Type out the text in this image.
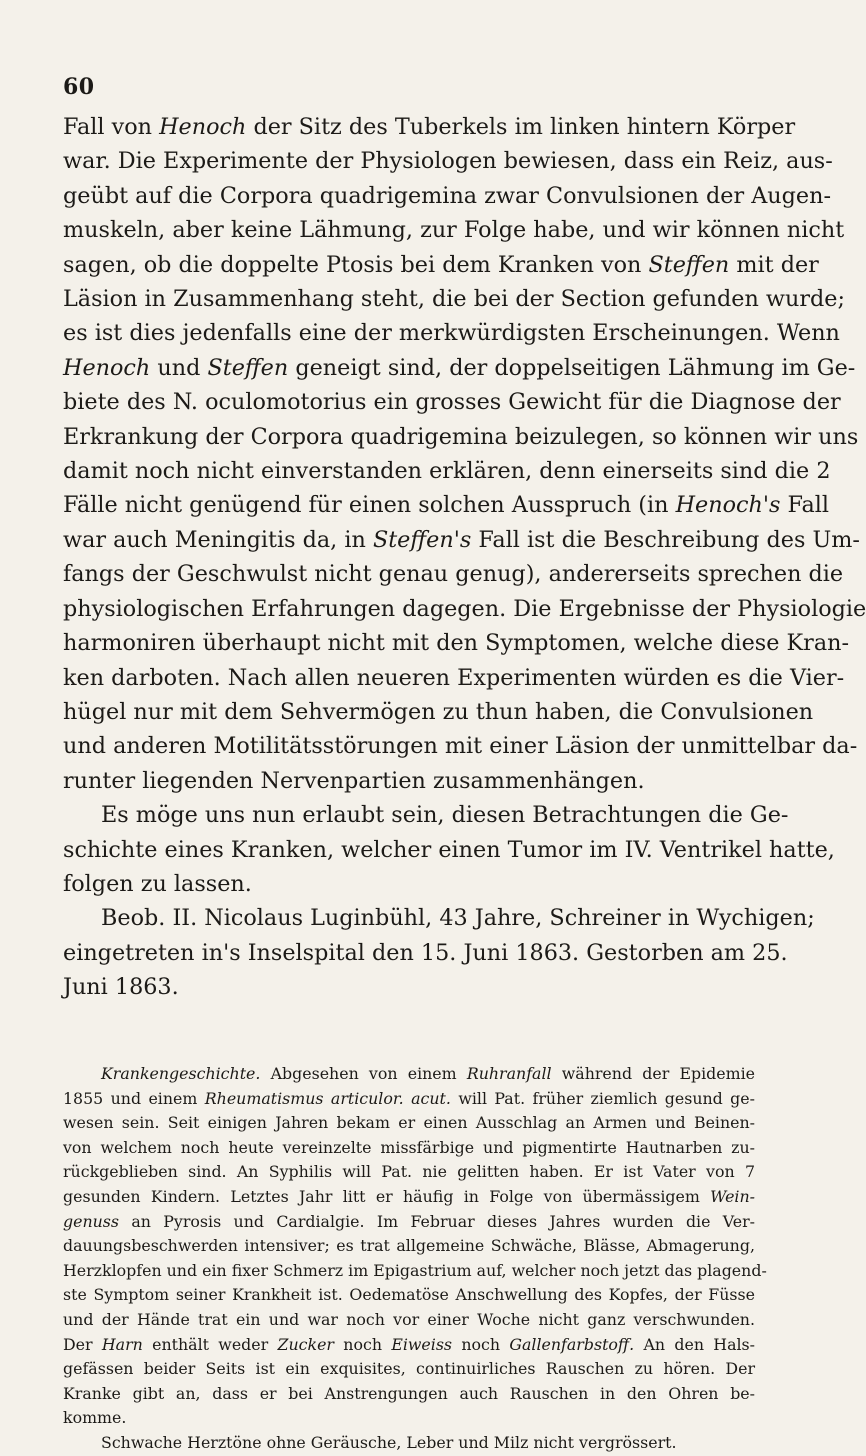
60
Fall von Henoch der Sitz des Tuberkels im linken hintern Körper
war. Die Experimente der Physiologen bewiesen, dass ein Reiz, aus-
geübt auf die Corpora quadrigemina zwar Convulsionen der Augen-
muskeln, aber keine Lähmung, zur Folge habe, und wir können nicht
sagen, ob die doppelte Ptosis bei dem Kranken von Steffen mit der
Läsion in Zusammenhang steht, die bei der Section gefunden wurde;
es ist dies jedenfalls eine der merkwürdigsten Erscheinungen. Wenn
Henoch und Steffen geneigt sind, der doppelseitigen Lähmung im Ge-
biete des N. oculomotorius ein grosses Gewicht für die Diagnose der
Erkrankung der Corpora quadrigemina beizulegen, so können wir uns
damit noch nicht einverstanden erklären, denn einerseits sind die 2
Fälle nicht genügend für einen solchen Ausspruch (in Henoch's Fall
war auch Meningitis da, in Steffen's Fall ist die Beschreibung des Um-
fangs der Geschwulst nicht genau genug), andererseits sprechen die
physiologischen Erfahrungen dagegen. Die Ergebnisse der Physiologie
harmoniren überhaupt nicht mit den Symptomen, welche diese Kran-
ken darboten. Nach allen neueren Experimenten würden es die Vier-
hügel nur mit dem Sehvermögen zu thun haben, die Convulsionen
und anderen Motilitätsstörungen mit einer Läsion der unmittelbar da-
runter liegenden Nervenpartien zusammenhängen.
Es möge uns nun erlaubt sein, diesen Betrachtungen die Ge-
schichte eines Kranken, welcher einen Tumor im IV. Ventrikel hatte,
folgen zu lassen.
Beob. II. Nicolaus Luginbühl, 43 Jahre, Schreiner in Wychigen;
eingetreten in's Inselspital den 15. Juni 1863. Gestorben am 25.
Juni 1863.
Krankengeschichte. Abgesehen von einem Ruhranfall während der Epidemie
1855 und einem Rheumatismus articulor. acut. will Pat. früher ziemlich gesund ge-
wesen sein. Seit einigen Jahren bekam er einen Ausschlag an Armen und Beinen-
von welchem noch heute vereinzelte missfärbige und pigmentirte Hautnarben zu-
rückgeblieben sind. An Syphilis will Pat. nie gelitten haben. Er ist Vater von 7
gesunden Kindern. Letztes Jahr litt er häufig in Folge von übermässigem Wein-
genuss an Pyrosis und Cardialgie. Im Februar dieses Jahres wurden die Ver-
dauungsbeschwerden intensiver; es trat allgemeine Schwäche, Blässe, Abmagerung,
Herzklopfen und ein fixer Schmerz im Epigastrium auf, welcher noch jetzt das plagend-
ste Symptom seiner Krankheit ist. Oedematöse Anschwellung des Kopfes, der Füsse
und der Hände trat ein und war noch vor einer Woche nicht ganz verschwunden.
Der Harn enthält weder Zucker noch Eiweiss noch Gallenfarbstoff. An den Hals-
gefässen beider Seits ist ein exquisites, continuirliches Rauschen zu hören. Der
Kranke gibt an, dass er bei Anstrengungen auch Rauschen in den Ohren be-
komme.
Schwache Herztöne ohne Geräusche, Leber und Milz nicht vergrössert.
